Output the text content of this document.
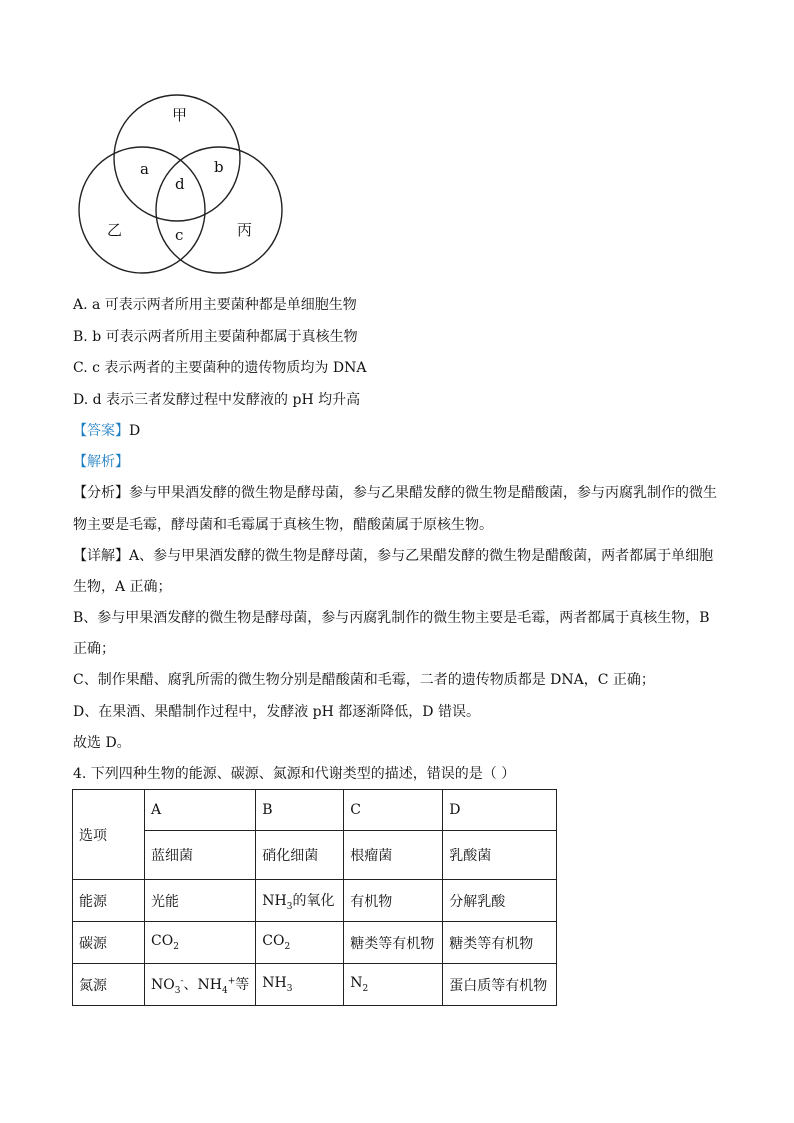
甲
a	b
d
乙	c	丙
A. a 可表示两者所用主要菌种都是单细胞生物
B. b 可表示两者所用主要菌种都属于真核生物
C. c 表示两者的主要菌种的遗传物质均为 DNA
D. d 表示三者发酵过程中发酵液的 pH 均升高
【答案】D
【解析】
【分析】参与甲果酒发酵的微生物是酵母菌，参与乙果醋发酵的微生物是醋酸菌，参与丙腐乳制作的微生
物主要是毛霉，酵母菌和毛霉属于真核生物，醋酸菌属于原核生物。
【详解】A、参与甲果酒发酵的微生物是酵母菌，参与乙果醋发酵的微生物是醋酸菌，两者都属于单细胞
生物，A 正确；
B、参与甲果酒发酵的微生物是酵母菌，参与丙腐乳制作的微生物主要是毛霉，两者都属于真核生物，B
正确；
C、制作果醋、腐乳所需的微生物分别是醋酸菌和毛霉，二者的遗传物质都是 DNA，C 正确；
D、在果酒、果醋制作过程中，发酵液 pH 都逐渐降低，D 错误。
故选 D。
4. 下列四种生物的能源、碳源、氮源和代谢类型的描述，错误的是（ ）
选项	A	B	C	D
	蓝细菌	硝化细菌	根瘤菌	乳酸菌
能源	光能	$NH_3$的氧化	有机物	分解乳酸
碳源	$CO_2$	$CO_2$	糖类等有机物	糖类等有机物
氮源	$NO_3^-$、$NH_4^+$等	$NH_3$	$N_2$	蛋白质等有机物
